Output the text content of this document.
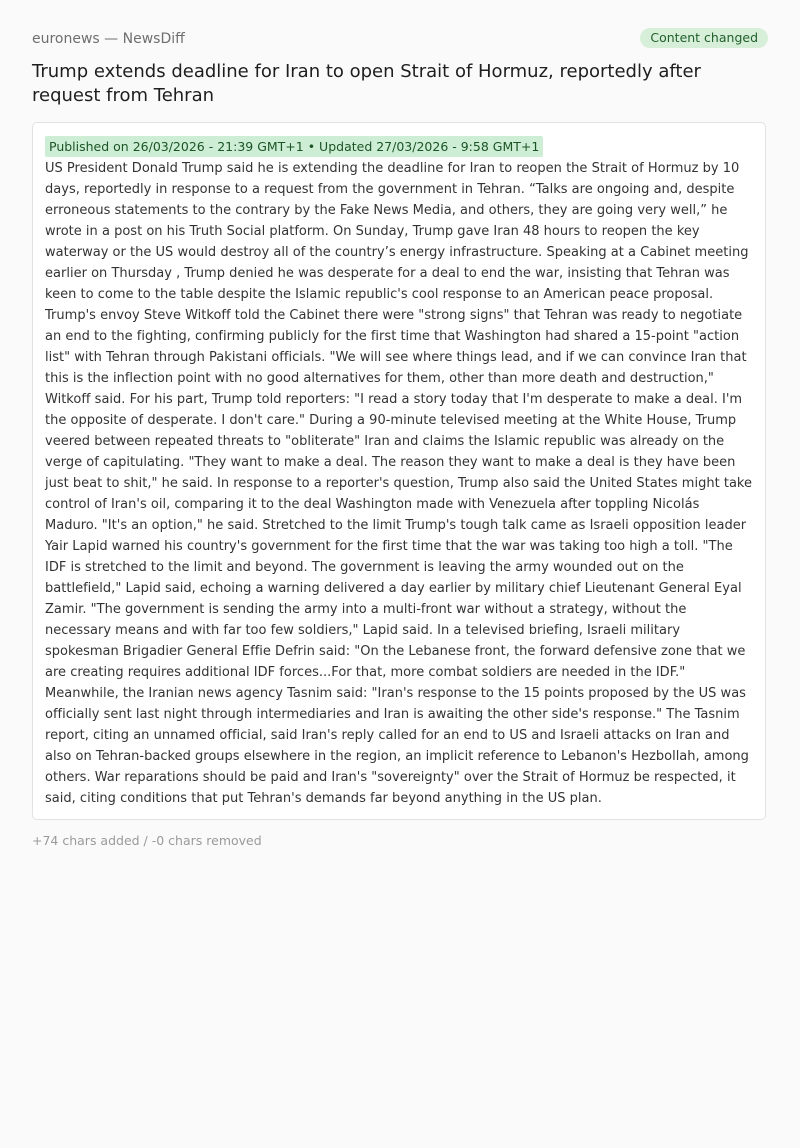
euronews — NewsDiff	Content changed
Trump extends deadline for Iran to open Strait of Hormuz, reportedly after request from Tehran
Published on 26/03/2026 - 21:39 GMT+1 • Updated 27/03/2026 - 9:58 GMT+1

US President Donald Trump said he is extending the deadline for Iran to reopen the Strait of Hormuz by 10 days, reportedly in response to a request from the government in Tehran. “Talks are ongoing and, despite erroneous statements to the contrary by the Fake News Media, and others, they are going very well,” he wrote in a post on his Truth Social platform. On Sunday, Trump gave Iran 48 hours to reopen the key waterway or the US would destroy all of the country’s energy infrastructure. Speaking at a Cabinet meeting earlier on Thursday , Trump denied he was desperate for a deal to end the war, insisting that Tehran was keen to come to the table despite the Islamic republic's cool response to an American peace proposal. Trump's envoy Steve Witkoff told the Cabinet there were "strong signs" that Tehran was ready to negotiate an end to the fighting, confirming publicly for the first time that Washington had shared a 15-point "action list" with Tehran through Pakistani officials. "We will see where things lead, and if we can convince Iran that this is the inflection point with no good alternatives for them, other than more death and destruction," Witkoff said. For his part, Trump told reporters: "I read a story today that I'm desperate to make a deal. I'm the opposite of desperate. I don't care." During a 90-minute televised meeting at the White House, Trump veered between repeated threats to "obliterate" Iran and claims the Islamic republic was already on the verge of capitulating. "They want to make a deal. The reason they want to make a deal is they have been just beat to shit," he said. In response to a reporter's question, Trump also said the United States might take control of Iran's oil, comparing it to the deal Washington made with Venezuela after toppling Nicolás Maduro. "It's an option," he said. Stretched to the limit Trump's tough talk came as Israeli opposition leader Yair Lapid warned his country's government for the first time that the war was taking too high a toll. "The IDF is stretched to the limit and beyond. The government is leaving the army wounded out on the battlefield," Lapid said, echoing a warning delivered a day earlier by military chief Lieutenant General Eyal Zamir. "The government is sending the army into a multi-front war without a strategy, without the necessary means and with far too few soldiers," Lapid said. In a televised briefing, Israeli military spokesman Brigadier General Effie Defrin said: "On the Lebanese front, the forward defensive zone that we are creating requires additional IDF forces...For that, more combat soldiers are needed in the IDF." Meanwhile, the Iranian news agency Tasnim said: "Iran's response to the 15 points proposed by the US was officially sent last night through intermediaries and Iran is awaiting the other side's response." The Tasnim report, citing an unnamed official, said Iran's reply called for an end to US and Israeli attacks on Iran and also on Tehran-backed groups elsewhere in the region, an implicit reference to Lebanon's Hezbollah, among others. War reparations should be paid and Iran's "sovereignty" over the Strait of Hormuz be respected, it said, citing conditions that put Tehran's demands far beyond anything in the US plan.

+74 chars added / -0 chars removed
